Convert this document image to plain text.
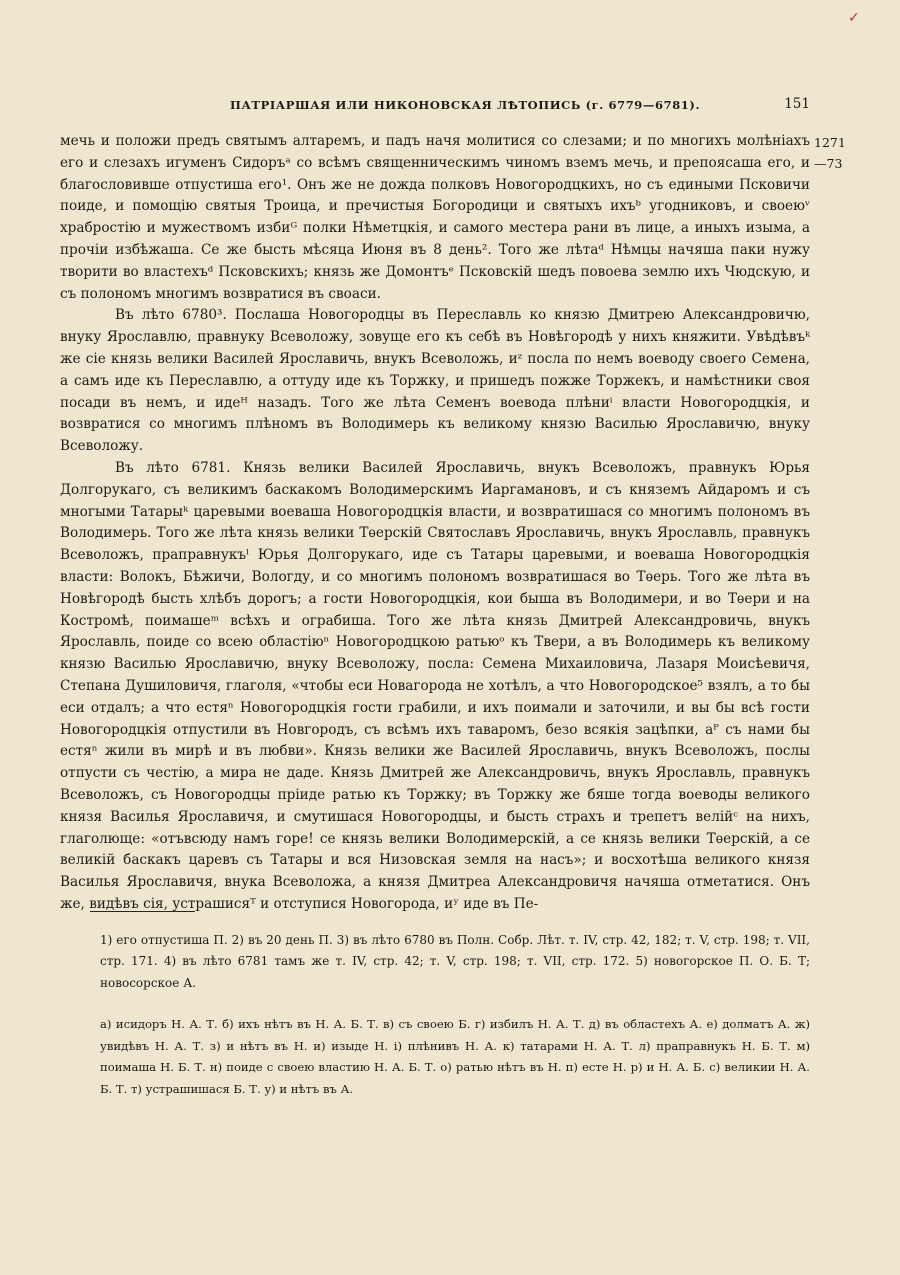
✓
ПАТРІАРШАЯ ИЛИ НИКОНОВСКАЯ ЛѢТОПИСЬ (г. 6779—6781).	151
1271
—73

мечь и положи предъ святымъ алтаремъ, и падъ начя молитися со слезами; и по многихъ молѣніахъ его и слезахъ игуменъ Сидоръᵃ со всѣмъ священническимъ чиномъ вземъ мечь, и препоясаша его, и благословивше отпустиша его¹. Онъ же не дождa полковъ Новогородцкихъ, но съ едиными Псковичи поиде, и помощію святыя Троица, и пречистыя Богородици и святыхъ ихъᵇ угодниковъ, и своеюᵛ храбростію и мужествомъ избиᴳ полки Нѣметцкія, и самого местера рани въ лице, а иныхъ изыма, а прочіи избѣжаша. Се же бысть мѣсяца Июня въ 8 день². Того же лѣтаᵈ Нѣмцы начяша паки нужу творити во властехъᵈ Псковскихъ; князь же Домонтъᵉ Псковскій шедъ повоева землю ихъ Чюдскую, и съ полономъ многимъ возвратися въ своаси.

Въ лѣто 6780³. Послаша Новогородцы въ Переславль ко князю Дмитрею Александровичю, внуку Ярославлю, правнуку Всеволожу, зовуще его къ себѣ въ Новѣгородѣ у нихъ княжити. Увѣдѣвъᵏ же сіе князь велики Василей Ярославичь, внукъ Всеволожь, иᶻ посла по немъ воеводу своего Семена, а самъ иде къ Переславлю, а оттуду иде къ Торжку, и пришедъ пожже Торжекъ, и намѣстники своя посади въ немъ, и идеᴴ назадъ. Того же лѣта Семенъ воевода плѣниⁱ власти Новогородцкія, и возвратися со многимъ плѣномъ въ Володимерь къ великому князю Василью Ярославичю, внуку Всеволожу.

Въ лѣто 6781. Князь велики Василей Ярославичь, внукъ Всеволожъ, правнукъ Юрья Долгорукаго, съ великимъ баскакомъ Володимерскимъ Иаргамановъ, и съ княземъ Айдаромъ и съ многыми Татарыᵏ царевыми воеваша Новогородцкія власти, и возвратишася со многимъ полономъ въ Володимерь. Того же лѣта князь велики Тѳерскій Святославъ Ярославичь, внукъ Ярославль, правнукъ Всеволожъ, праправнукъˡ Юрья Долгорукаго, иде съ Татары царевыми, и воеваша Новогородцкія власти: Волокъ, Бѣжичи, Вологду, и со многимъ полономъ возвратишася во Тѳерь. Того же лѣта въ Новѣгородѣ бысть хлѣбъ дорогъ; а гости Новогородцкія, кои быша въ Володимери, и во Тѳери и на Костромѣ, поимашеᵐ всѣхъ и ограбиша. Того же лѣта князь Дмитрей Александровичь, внукъ Ярославль, поиде со всею областіюⁿ Новогородцкою ратьюᵒ къ Твери, а въ Володимерь къ великому князю Василью Ярославичю, внуку Всеволожу, посла: Семена Михаиловича, Лазаря Моисѣевичя, Степана Душиловичя, глаголя, «чтобы еси Новагорода не хотѣлъ, а что Новогородское⁵ взялъ, а то бы еси отдалъ; а что естяⁿ Новогородцкія гости грабили, и ихъ поимали и заточили, и вы бы всѣ гости Новогородцкія отпустили въ Новгородъ, съ всѣмъ ихъ таваромъ, безо всякія зацѣпки, аᴾ съ нами бы естяⁿ жили въ мирѣ и въ любви». Князь велики же Василей Ярославичь, внукъ Всеволожъ, послы отпусти съ честію, а мира не даде. Князь Дмитрей же Александровичь, внукъ Ярославль, правнукъ Всеволожъ, съ Новогородцы пріиде ратью къ Торжку; въ Торжку же бяше тогда воеводы великого князя Василья Ярославичя, и смутишася Новогородцы, и бысть страхъ и трепетъ велійᶜ на нихъ, глаголюще: «отъвсюду намъ горе! се князь велики Володимерскій, а се князь велики Тѳерскій, а се великій баскакъ царевъ съ Татары и вся Низовская земля на насъ»; и восхотѣша великого князя Василья Ярославичя, внука Всеволожа, а князя Дмитреа Александровичя начяша отметатися. Онъ же, видѣвъ сія, устрашисяᵀ и отступися Новогорода, иʸ иде въ Пе-

1) его отпустиша П. 2) въ 20 день П. 3) въ лѣто 6780 въ Полн. Собр. Лѣт. т. IV, стр. 42, 182; т. V, стр. 198; т. VII, стр. 171. 4) въ лѣто 6781 тамъ же т. IV, стр. 42; т. V, стр. 198; т. VII, стр. 172. 5) новогорское П. О. Б. Т; новосорское А.
а) исидоръ Н. А. Т. б) ихъ нѣтъ въ Н. А. Б. Т. в) съ своею Б. г) избилъ Н. А. Т. д) въ областехъ А. е) долматъ А. ж) увидѣвъ Н. А. Т. з) и нѣтъ въ Н. и) изыде Н. і) плѣнивъ Н. А. к) татарами Н. А. Т. л) праправнукъ Н. Б. Т. м) поимаша Н. Б. Т. н) поиде с своею властию Н. А. Б. Т. о) ратью нѣтъ въ Н. п) есте Н. р) и Н. А. Б. с) великии Н. А. Б. Т. т) устрашишася Б. Т. у) и нѣтъ въ А.
